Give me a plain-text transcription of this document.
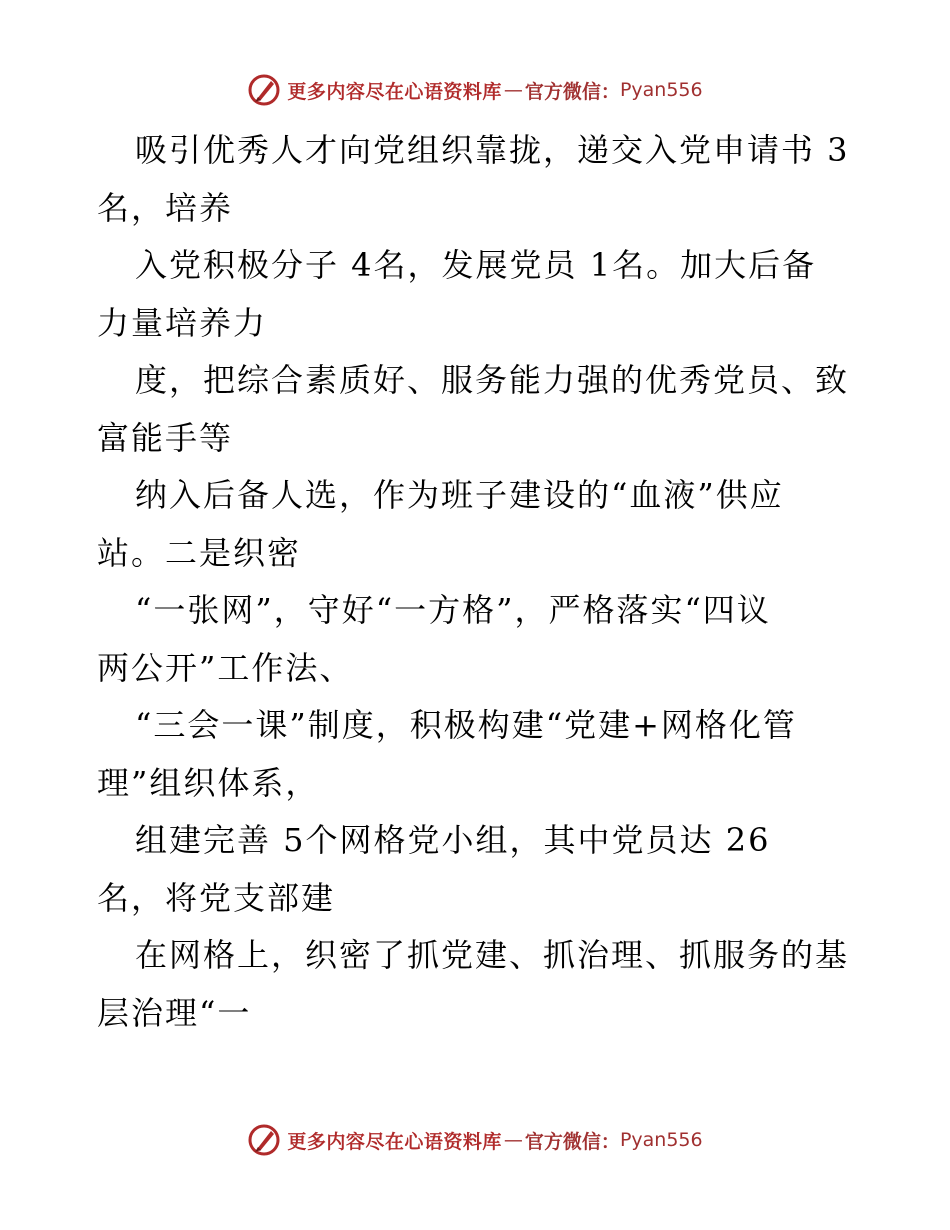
更多内容尽在心语资料库 — 官方微信： Pyan556
吸引优秀人才向党组织靠拢，递交入党申请书 3
名，培养
入党积极分子 4名，发展党员 1名。加大后备
力量培养力
度，把综合素质好、服务能力强的优秀党员、致
富能手等
纳入后备人选，作为班子建设的“血液”供应
站。二是织密
“一张网”，守好“一方格”，严格落实“四议
两公开”工作法、
“三会一课”制度，积极构建“党建+网格化管
理”组织体系，
组建完善 5个网格党小组，其中党员达 26
名，将党支部建
在网格上，织密了抓党建、抓治理、抓服务的基
层治理“一
更多内容尽在心语资料库 — 官方微信： Pyan556
